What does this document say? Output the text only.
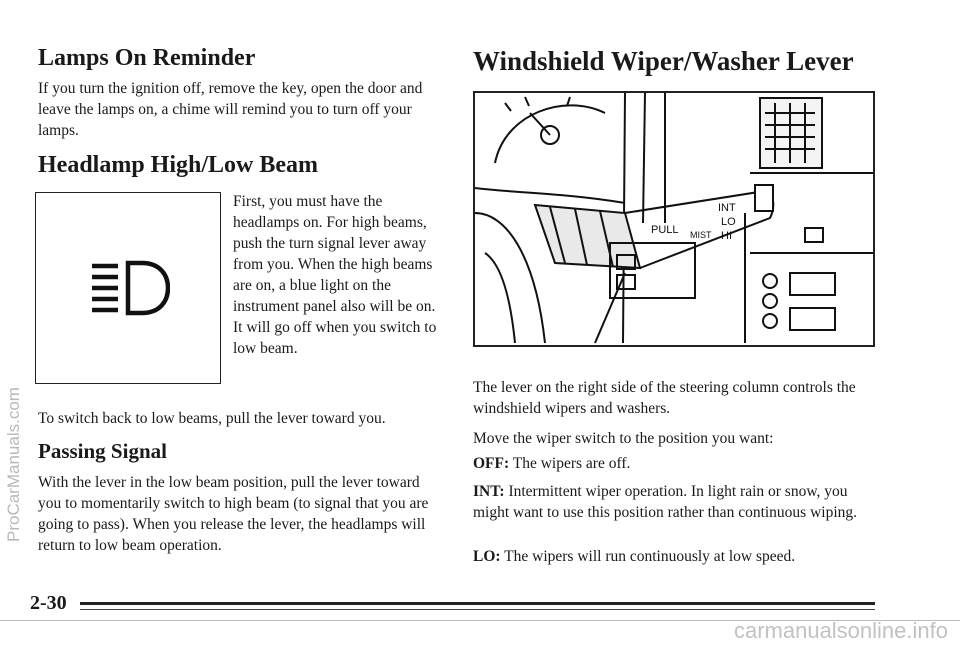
Lamps On Reminder

If you turn the ignition off, remove the key, open the door and leave the lamps on, a chime will remind you to turn off your lamps.

Headlamp High/Low Beam

First, you must have the headlamps on. For high beams, push the turn signal lever away from you. When the high beams are on, a blue light on the instrument panel also will be on. It will go off when you switch to low beam.

To switch back to low beams, pull the lever toward you.

Passing Signal

With the lever in the low beam position, pull the lever toward you to momentarily switch to high beam (to signal that you are going to pass). When you release the lever, the headlamps will return to low beam operation.

Windshield Wiper/Washer Lever
PULL MIST
INT
LO
HI

The lever on the right side of the steering column controls the windshield wipers and washers.

Move the wiper switch to the position you want:

OFF: The wipers are off.

INT: Intermittent wiper operation. In light rain or snow, you might want to use this position rather than continuous wiping.

LO: The wipers will run continuously at low speed.

2-30
ProCarManuals.com
carmanualsonline.info
